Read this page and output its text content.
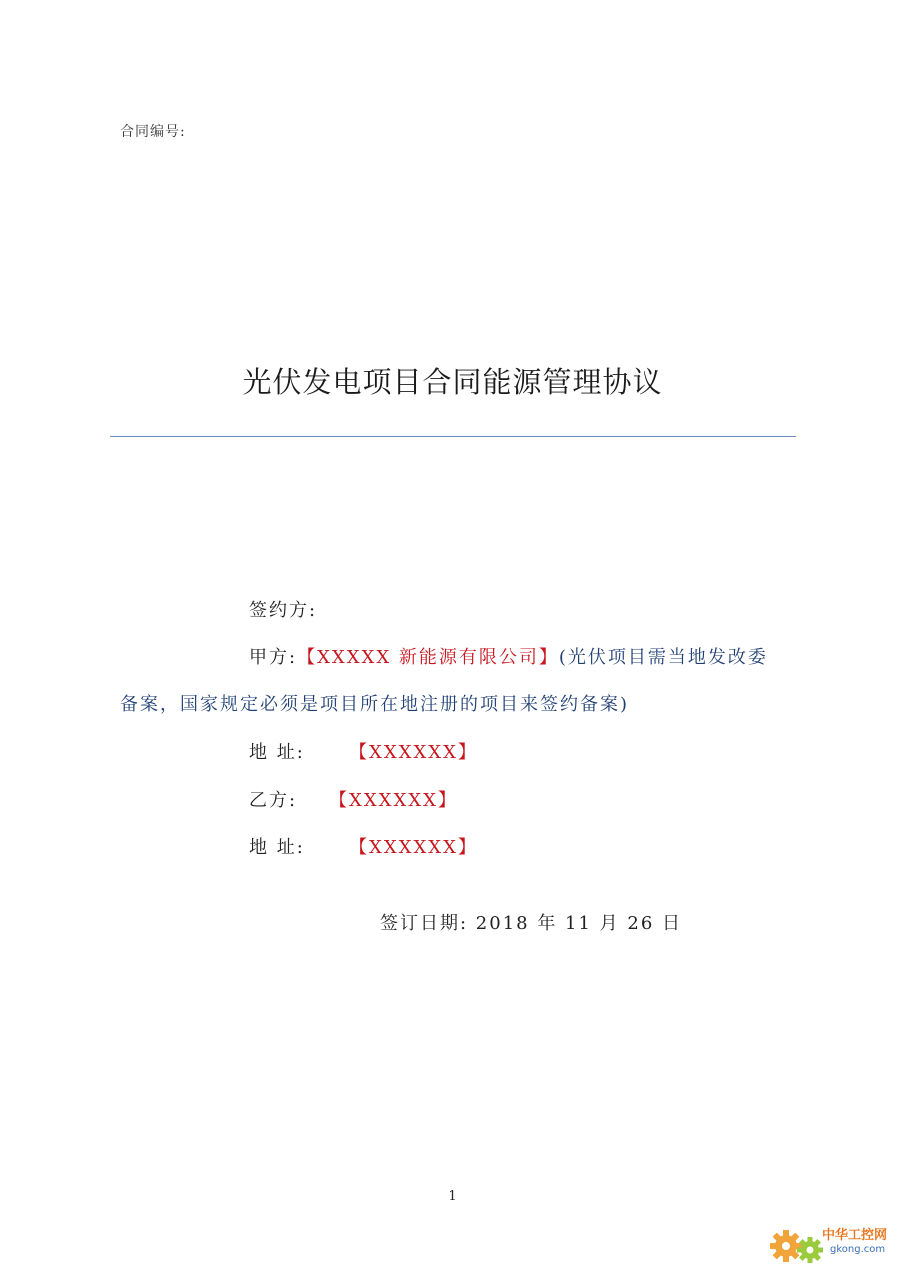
合同编号:
光伏发电项目合同能源管理协议
签约方:
甲方:【XXXXX 新能源有限公司】(光伏项目需当地发改委
备案，国家规定必须是项目所在地注册的项目来签约备案)
地 址: 【XXXXXX】
乙方: 【XXXXXX】
地 址: 【XXXXXX】
签订日期: 2018 年 11 月 26 日
1
中华工控网
gkong.com
